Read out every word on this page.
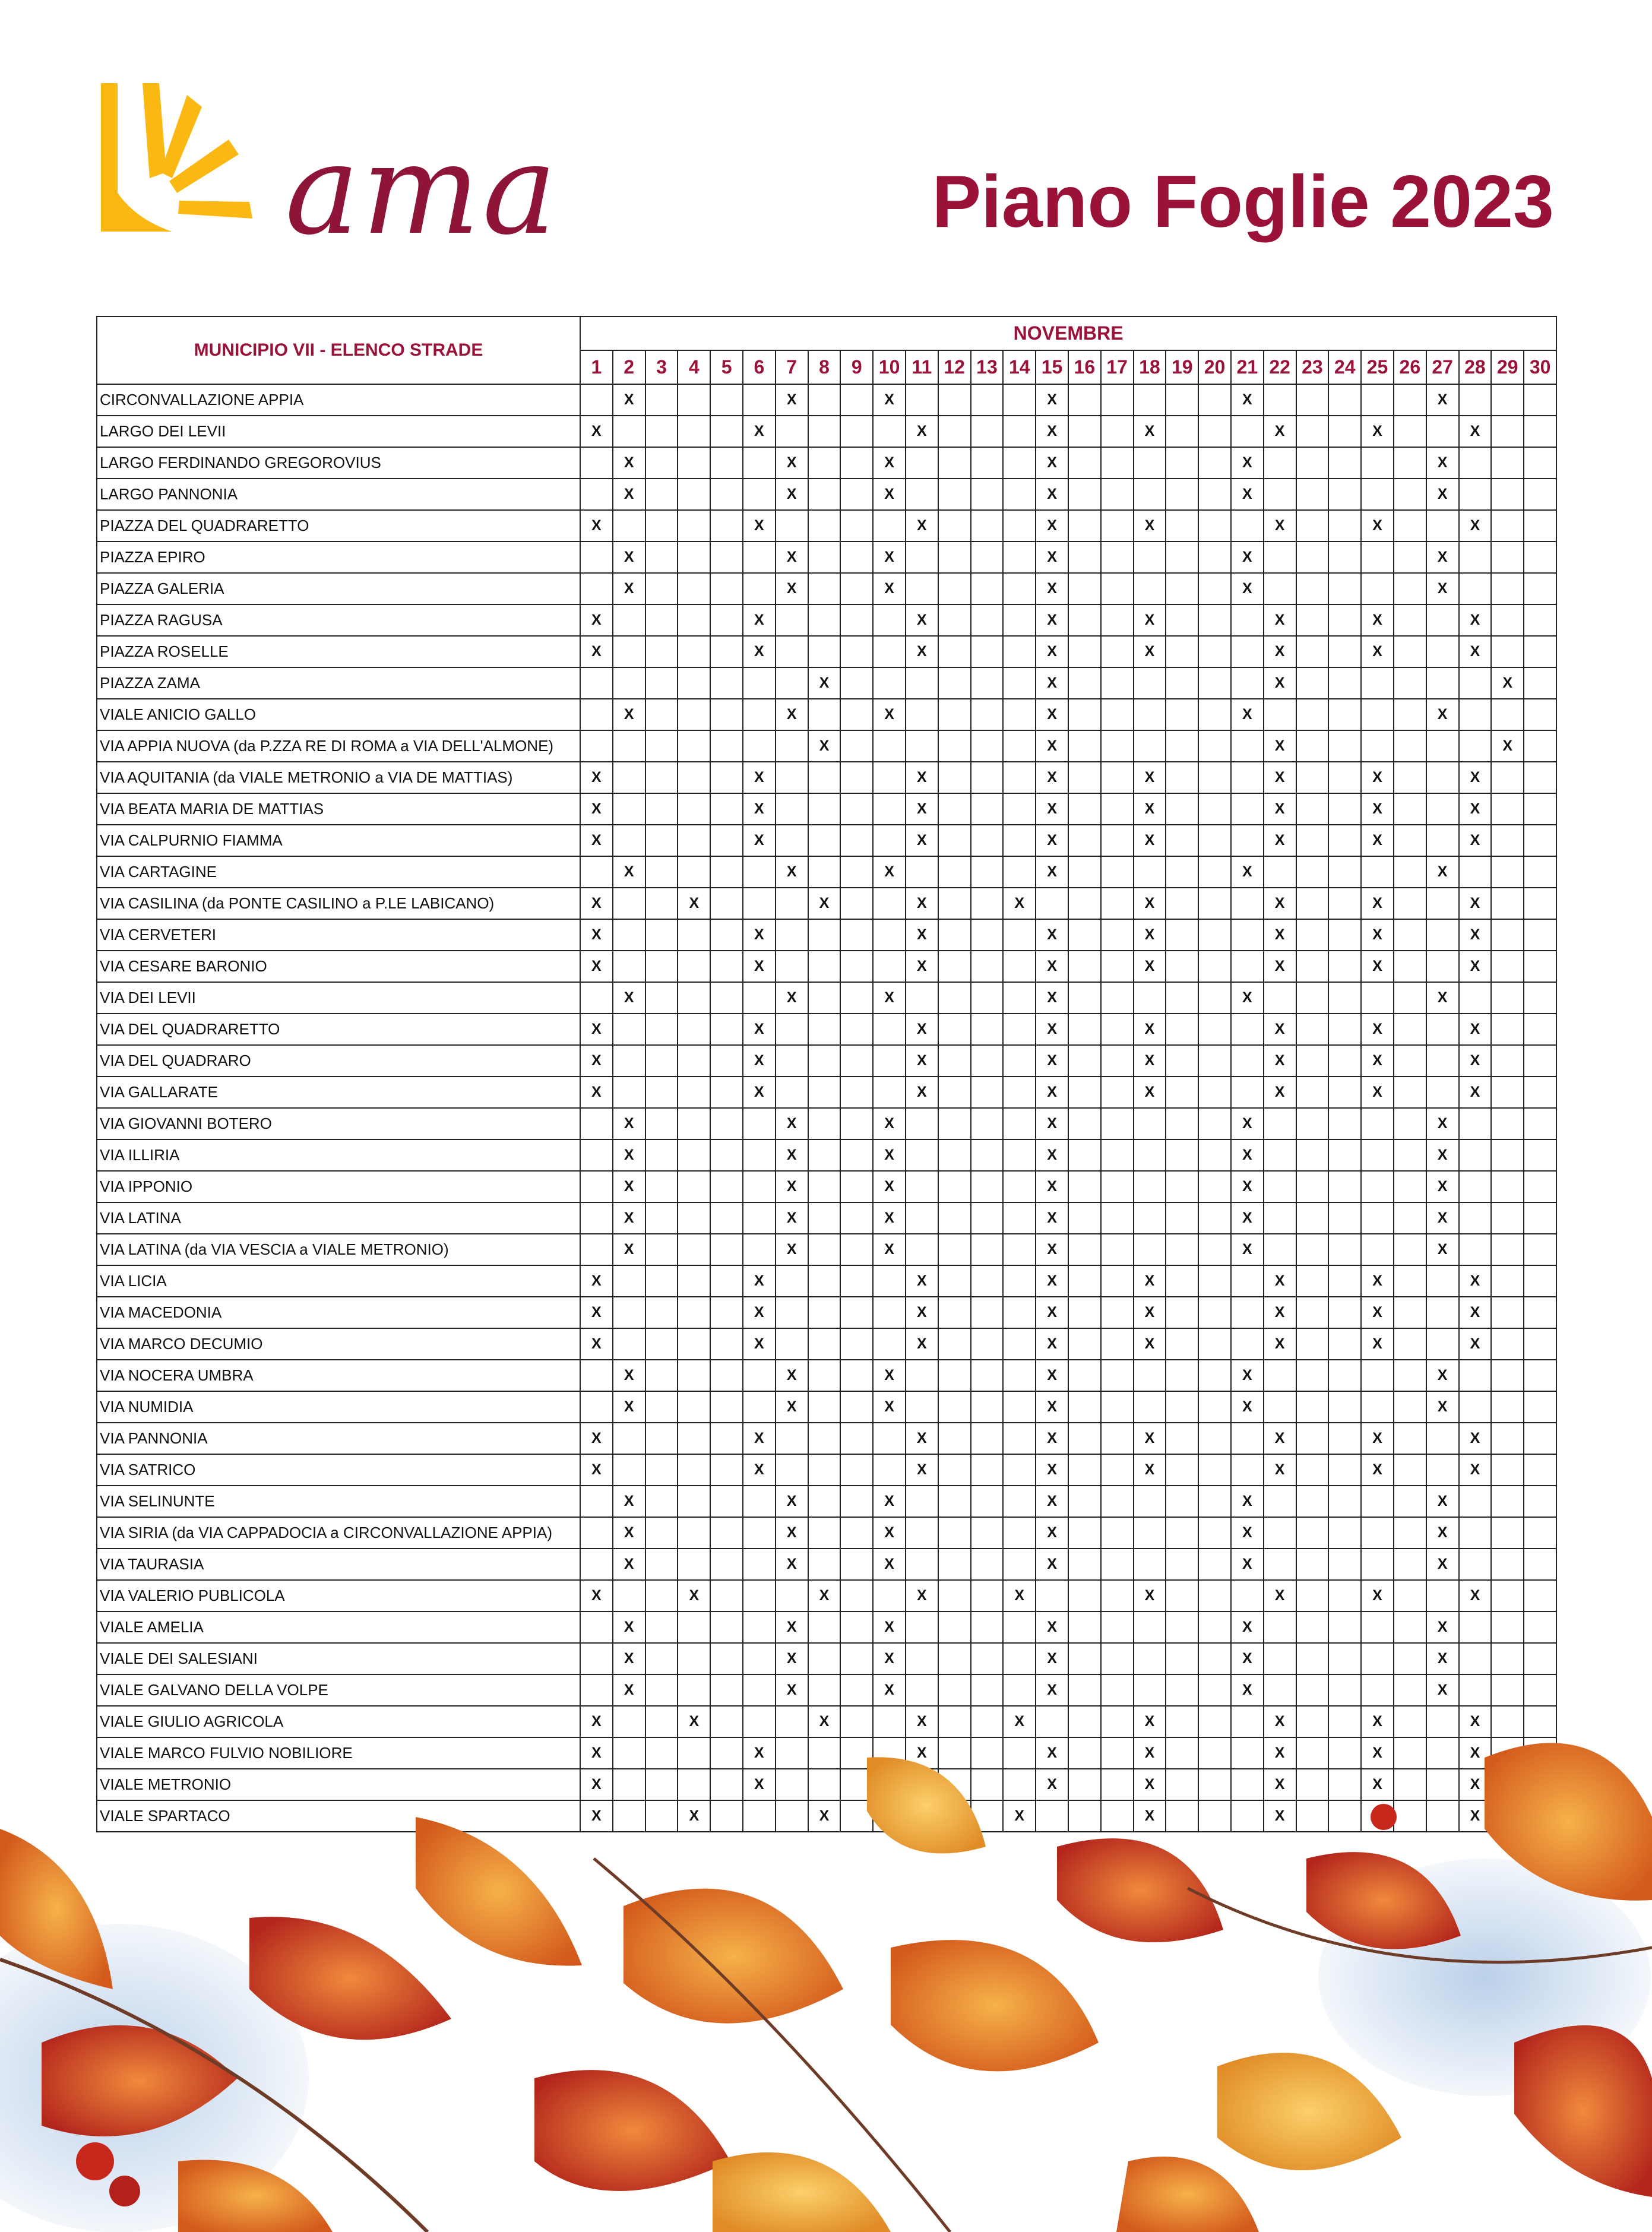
ama	Piano Foglie 2023
MUNICIPIO VII - ELENCO STRADE	NOVEMBRE																													
	1	2	3	4	5	6	7	8	9	10	11	12	13	14	15	16	17	18	19	20	21	22	23	24	25	26	27	28	29	30
CIRCONVALLAZIONE APPIA		X					X			X					X						X						X			
LARGO DEI LEVII	X					X					X				X			X				X			X			X		
LARGO FERDINANDO GREGOROVIUS		X					X			X					X						X						X			
LARGO PANNONIA		X					X			X					X						X						X			
PIAZZA DEL QUADRARETTO	X					X					X				X			X				X			X			X		
PIAZZA EPIRO		X					X			X					X						X						X			
PIAZZA GALERIA		X					X			X					X						X						X			
PIAZZA RAGUSA	X					X					X				X			X				X			X			X		
PIAZZA ROSELLE	X					X					X				X			X				X			X			X		
PIAZZA ZAMA								X							X							X							X	
VIALE ANICIO GALLO		X					X			X					X						X						X			
VIA APPIA NUOVA (da P.ZZA RE DI ROMA a VIA DELL'ALMONE)								X							X							X							X	
VIA AQUITANIA (da VIALE METRONIO a VIA DE MATTIAS)	X					X					X				X			X				X			X			X		
VIA BEATA MARIA DE MATTIAS	X					X					X				X			X				X			X			X		
VIA CALPURNIO FIAMMA	X					X					X				X			X				X			X			X		
VIA CARTAGINE		X					X			X					X						X						X			
VIA CASILINA (da PONTE CASILINO a P.LE LABICANO)	X			X				X			X			X				X				X			X			X		
VIA CERVETERI	X					X					X				X			X				X			X			X		
VIA CESARE BARONIO	X					X					X				X			X				X			X			X		
VIA DEI LEVII		X					X			X					X						X						X			
VIA DEL QUADRARETTO	X					X					X				X			X				X			X			X		
VIA DEL QUADRARO	X					X					X				X			X				X			X			X		
VIA GALLARATE	X					X					X				X			X				X			X			X		
VIA GIOVANNI BOTERO		X					X			X					X						X						X			
VIA ILLIRIA		X					X			X					X						X						X			
VIA IPPONIO		X					X			X					X						X						X			
VIA LATINA		X					X			X					X						X						X			
VIA LATINA (da VIA VESCIA a VIALE METRONIO)		X					X			X					X						X						X			
VIA LICIA	X					X					X				X			X				X			X			X		
VIA MACEDONIA	X					X					X				X			X				X			X			X		
VIA MARCO DECUMIO	X					X					X				X			X				X			X			X		
VIA NOCERA UMBRA		X					X			X					X						X						X			
VIA NUMIDIA		X					X			X					X						X						X			
VIA PANNONIA	X					X					X				X			X				X			X			X		
VIA SATRICO	X					X					X				X			X				X			X			X		
VIA SELINUNTE		X					X			X					X						X						X			
VIA SIRIA (da VIA CAPPADOCIA a CIRCONVALLAZIONE APPIA)		X					X			X					X						X						X			
VIA TAURASIA		X					X			X					X						X						X			
VIA VALERIO PUBLICOLA	X			X				X			X			X				X				X			X			X		
VIALE AMELIA		X					X			X					X						X						X			
VIALE DEI SALESIANI		X					X			X					X						X						X			
VIALE GALVANO DELLA VOLPE		X					X			X					X						X						X			
VIALE GIULIO AGRICOLA	X			X				X			X			X				X				X			X			X		
VIALE MARCO FULVIO NOBILIORE	X					X					X				X			X				X			X			X		
VIALE METRONIO	X					X									X			X				X			X			X		
VIALE SPARTACO	X			X				X						X				X				X						X		
